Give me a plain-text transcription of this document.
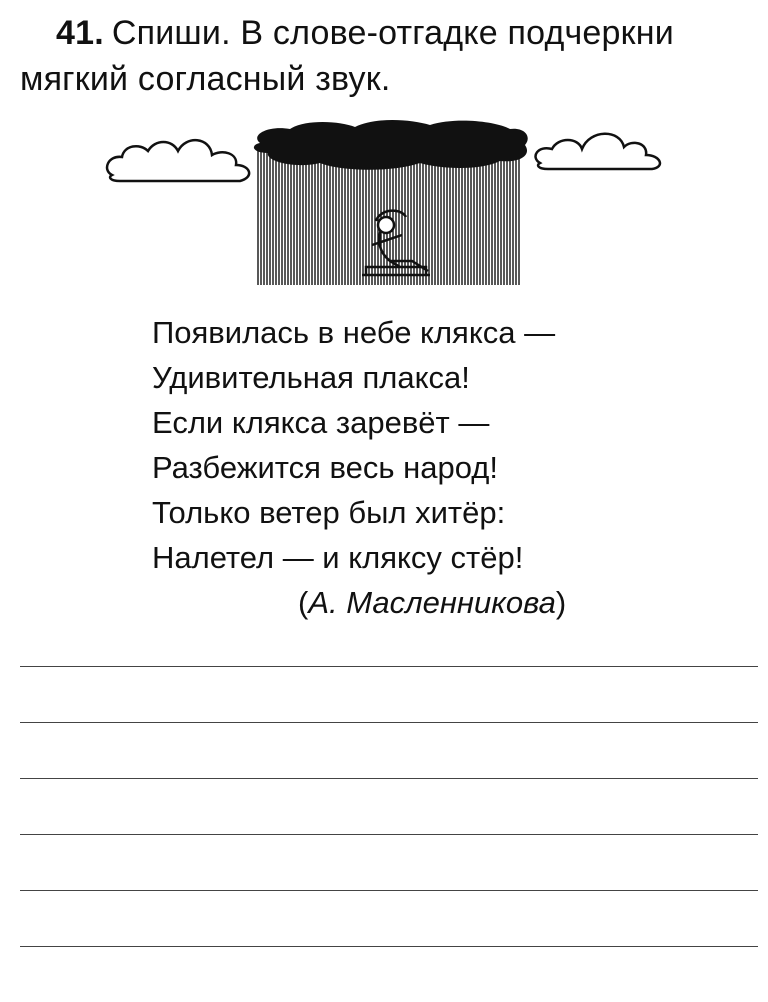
41. Спиши. В слове-отгадке подчеркни мягкий согласный звук.
Появилась в небе клякса —
Удивительная плакса!
Если клякса заревёт —
Разбежится весь народ!
Только ветер был хитёр:
Налетел — и кляксу стёр!
(А. Масленникова)
